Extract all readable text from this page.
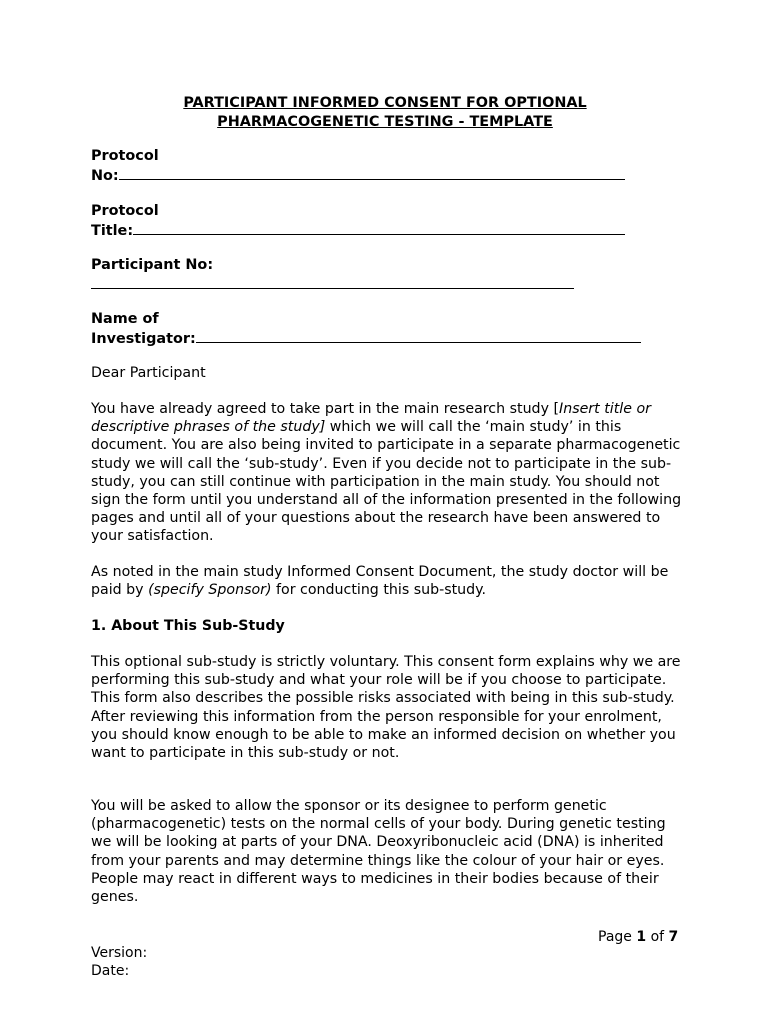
PARTICIPANT INFORMED CONSENT FOR OPTIONAL
PHARMACOGENETIC TESTING - TEMPLATE
Protocol
No:
Protocol
Title:
Participant No:
Name of
Investigator:

Dear Participant

You have already agreed to take part in the main research study [Insert title or descriptive phrases of the study] which we will call the ‘main study’ in this document. You are also being invited to participate in a separate pharmacogenetic study we will call the ‘sub-study’. Even if you decide not to participate in the sub-study, you can still continue with participation in the main study. You should not sign the form until you understand all of the information presented in the following pages and until all of your questions about the research have been answered to your satisfaction.

As noted in the main study Informed Consent Document, the study doctor will be paid by (specify Sponsor) for conducting this sub-study.

1. About This Sub-Study

This optional sub-study is strictly voluntary. This consent form explains why we are performing this sub-study and what your role will be if you choose to participate. This form also describes the possible risks associated with being in this sub-study. After reviewing this information from the person responsible for your enrolment, you should know enough to be able to make an informed decision on whether you want to participate in this sub-study or not.

You will be asked to allow the sponsor or its designee to perform genetic (pharmacogenetic) tests on the normal cells of your body. During genetic testing we will be looking at parts of your DNA. Deoxyribonucleic acid (DNA) is inherited from your parents and may determine things like the colour of your hair or eyes. People may react in different ways to medicines in their bodies because of their genes.

Page 1 of 7
Version:
Date:
